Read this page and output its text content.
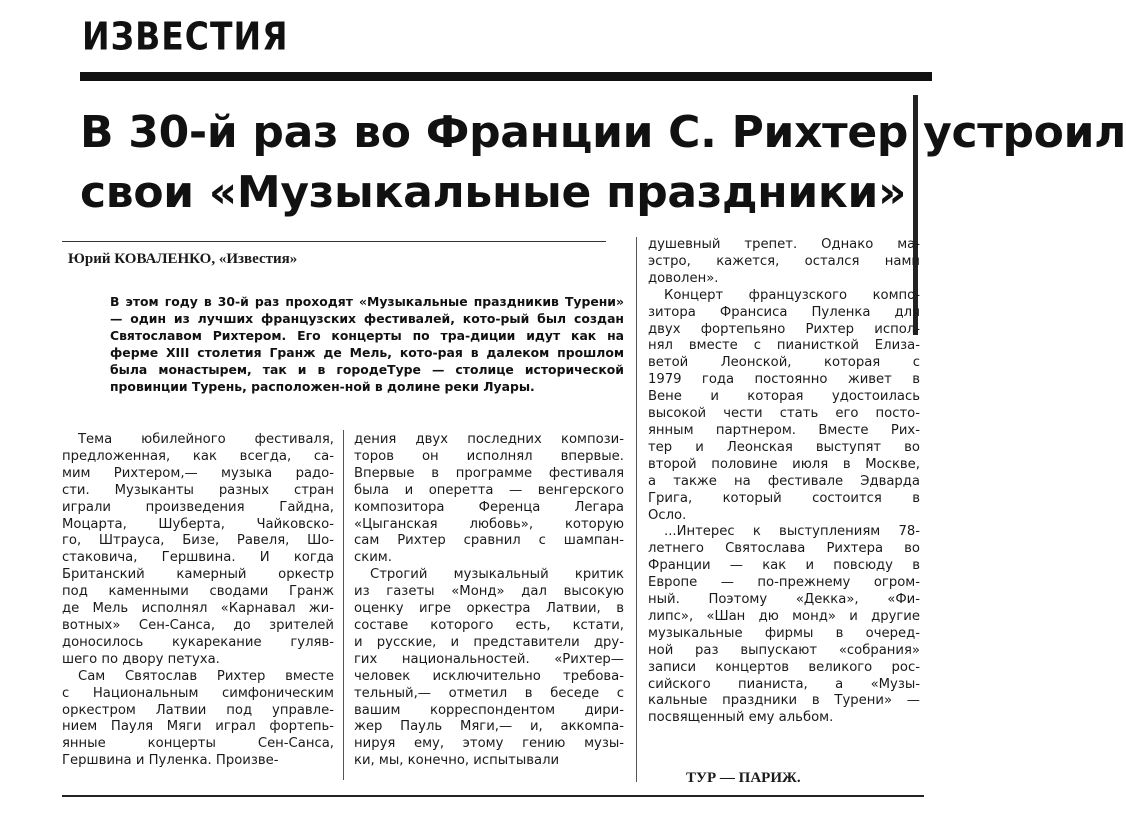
ИЗВЕСТИЯ
В 30-й раз во Франции С. Рихтер устроил
свои «Музыкальные праздники»
Юрий КОВАЛЕНКО, «Известия»
В этом году в 30-й раз проходят «Музыкальные праздникив Турени» — один из лучших французских фестивалей, кото-рый был создан Святославом Рихтером. Его концерты по тра-диции идут как на ферме XIII столетия Гранж де Мель, кото-рая в далеком прошлом была монастырем, так и в городеТуре — столице исторической провинции Турень, расположен-ной в долине реки Луары.

Тема юбилейного фестиваля,
предложенная, как всегда, са-
мим Рихтером,— музыка радо-
сти. Музыканты разных стран
играли произведения Гайдна,
Моцарта, Шуберта, Чайковско-
го, Штрауса, Бизе, Равеля, Шо-
стаковича, Гершвина. И когда
Британский камерный оркестр
под каменными сводами Гранж
де Мель исполнял «Карнавал жи-
вотных» Сен-Санса, до зрителей
доносилось кукарекание гуляв-
шего по двору петуха.

Сам Святослав Рихтер вместе
с Национальным симфоническим
оркестром Латвии под управле-
нием Пауля Мяги играл фортепь-
янные концерты Сен-Санса,
Гершвина и Пуленка. Произве-

дения двух последних компози-
торов он исполнял впервые.
Впервые в программе фестиваля
была и оперетта — венгерского
композитора Ференца Легара
«Цыганская любовь», которую
сам Рихтер сравнил с шампан-
ским.

Строгий музыкальный критик
из газеты «Монд» дал высокую
оценку игре оркестра Латвии, в
составе которого есть, кстати,
и русские, и представители дру-
гих национальностей. «Рихтер—
человек исключительно требова-
тельный,— отметил в беседе с
вашим корреспондентом дири-
жер Пауль Мяги,— и, аккомпа-
нируя ему, этому гению музы-
ки, мы, конечно, испытывали

душевный трепет. Однако ма-
эстро, кажется, остался нами
доволен».

Концерт французского компо-
зитора Франсиса Пуленка для
двух фортепьяно Рихтер испол-
нял вместе с пианисткой Елиза-
ветой Леонской, которая с
1979 года постоянно живет в
Вене и которая удостоилась
высокой чести стать его посто-
янным партнером. Вместе Рих-
тер и Леонская выступят во
второй половине июля в Москве,
а также на фестивале Эдварда
Грига, который состоится в
Осло.

...Интерес к выступлениям 78-
летнего Святослава Рихтера во
Франции — как и повсюду в
Европе — по-прежнему огром-
ный. Поэтому «Декка», «Фи-
липс», «Шан дю монд» и другие
музыкальные фирмы в очеред-
ной раз выпускают «собрания»
записи концертов великого рос-
сийского пианиста, а «Музы-
кальные праздники в Турени» —
посвященный ему альбом.

ТУР — ПАРИЖ.
